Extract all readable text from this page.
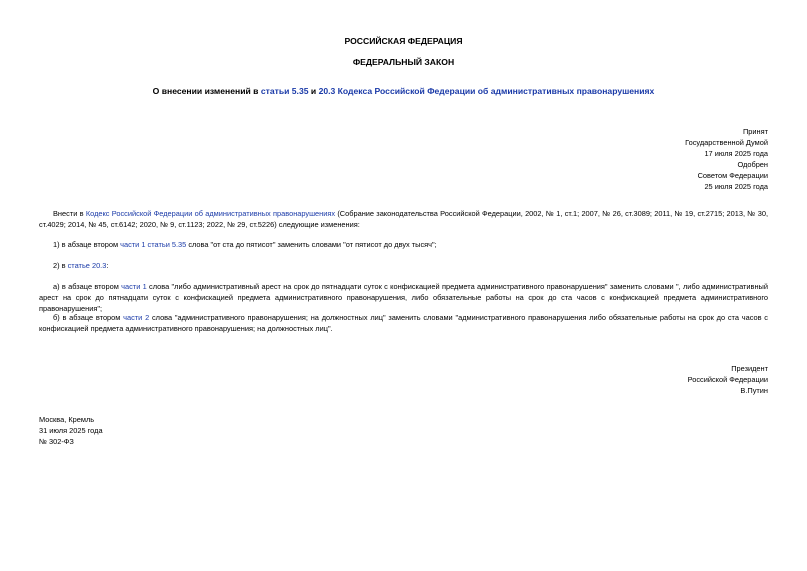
РОССИЙСКАЯ ФЕДЕРАЦИЯ
ФЕДЕРАЛЬНЫЙ ЗАКОН
О внесении изменений в статьи 5.35 и 20.3 Кодекса Российской Федерации об административных правонарушениях
Принят
Государственной Думой
17 июля 2025 года
Одобрен
Советом Федерации
25 июля 2025 года

Внести в Кодекс Российской Федерации об административных правонарушениях (Собрание законодательства Российской Федерации, 2002, № 1, ст.1; 2007, № 26, ст.3089; 2011, № 19, ст.2715; 2013, № 30, ст.4029; 2014, № 45, ст.6142; 2020, № 9, ст.1123; 2022, № 29, ст.5226) следующие изменения:

1) в абзаце втором части 1 статьи 5.35 слова "от ста до пятисот" заменить словами "от пятисот до двух тысяч";

2) в статье 20.3:

а) в абзаце втором части 1 слова "либо административный арест на срок до пятнадцати суток с конфискацией предмета административного правонарушения" заменить словами ", либо административный арест на срок до пятнадцати суток с конфискацией предмета административного правонарушения, либо обязательные работы на срок до ста часов с конфискацией предмета административного правонарушения";

б) в абзаце втором части 2 слова "административного правонарушения; на должностных лиц" заменить словами "административного правонарушения либо обязательные работы на срок до ста часов с конфискацией предмета административного правонарушения; на должностных лиц".

Президент
Российской Федерации
В.Путин
Москва, Кремль
31 июля 2025 года
№ 302-ФЗ
